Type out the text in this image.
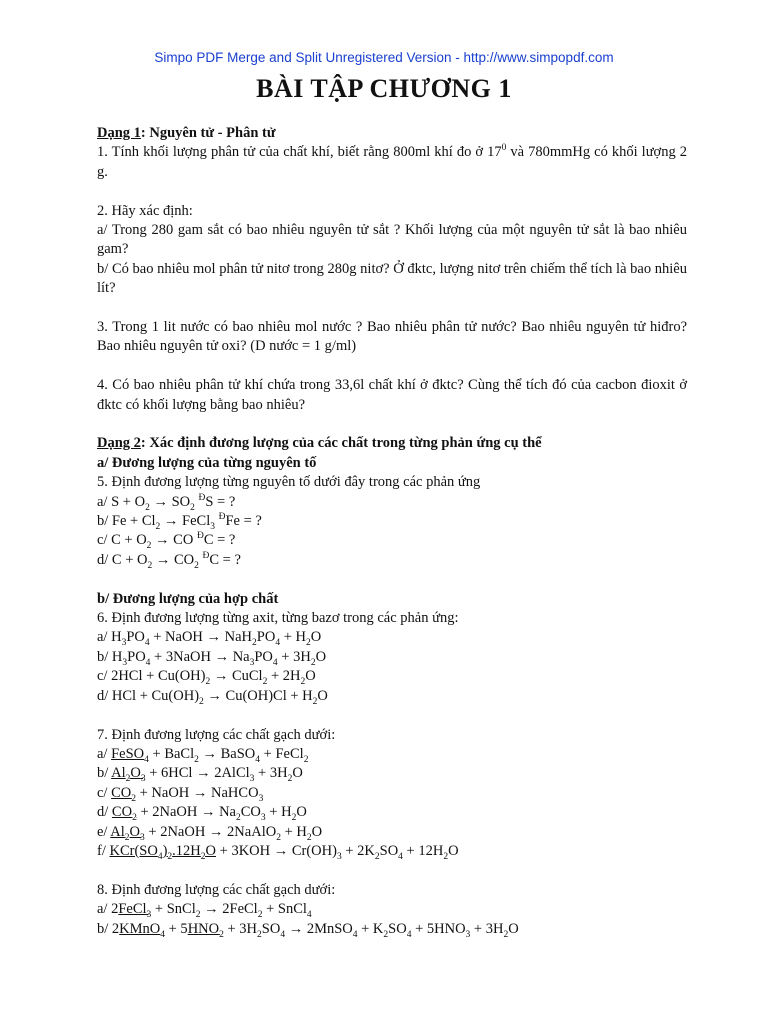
Simpo PDF Merge and Split Unregistered Version - http://www.simpopdf.com
BÀI TẬP CHƯƠNG 1

Dạng 1: Nguyên tử - Phân tử

1. Tính khối lượng phân tử của chất khí, biết rằng 800ml khí đo ở $17^0$ và 780mmHg có khối lượng 2 g.

2. Hãy xác định:

a/ Trong 280 gam sắt có bao nhiêu nguyên tử sắt ? Khối lượng của một nguyên tử sắt là bao nhiêu gam?

b/ Có bao nhiêu mol phân tử nitơ trong 280g nitơ? Ở đktc, lượng nitơ trên chiếm thể tích là bao nhiêu lít?

3. Trong 1 lit nước có bao nhiêu mol nước ? Bao nhiêu phân tử nước? Bao nhiêu nguyên tử hiđro? Bao nhiêu nguyên tử oxi? (D nước = 1 g/ml)

4. Có bao nhiêu phân tử khí chứa trong 33,6l chất khí ở đktc? Cùng thể tích đó của cacbon đioxit ở đktc có khối lượng bằng bao nhiêu?

Dạng 2: Xác định đương lượng của các chất trong từng phản ứng cụ thể

a/ Đương lượng của từng nguyên tố

5. Định đương lượng từng nguyên tố dưới đây trong các phản ứng

a/ $S + O_2 \to SO_2$ $^Đ$S = ?

b/ $Fe + Cl_2$ → FeCl$_3$ $^Đ$Fe = ?

c/ $C + O_2$ → CO $^Đ$C = ?

d/ $C + O_2 \to CO_2$ $^Đ$C = ?

b/ Đương lượng của hợp chất

6. Định đương lượng từng axit, từng bazơ trong các phản ứng:

a/ $H_3PO_4$ + NaOH → $NaH_2PO_4 + H_2O$

b/ $H_3PO_4$ + 3NaOH → $Na_3PO_4 + 3H_2O$

c/ $2HCl + Cu(OH)_2$ → CuCl$_2$ + $2H_2O$

d/ HCl + $Cu(OH)_2 \to Cu(OH)Cl + H_2O$

7. Định đương lượng các chất gạch dưới:

a/ FeSO$_4$ + BaCl$_2$ → BaSO$_4$ + FeCl$_2$

b/ $Al_2O_3 + 6HCl$ → 2AlCl$_3$ + $3H_2O$

c/ $CO_2$ + NaOH → NaHCO$_3$

d/ $CO_2$ + 2NaOH → $Na_2CO_3 + H_2O$

e/ $Al_2O_3$ + 2NaOH → 2NaAlO$_2$ + $H_2O$

f/ $KCr(SO_4)_2.12H_2O + 3KOH \to Cr(OH)_3 + 2K_2SO_4 + 12H_2O$

8. Định đương lượng các chất gạch dưới:

a/ 2FeCl$_3$ + SnCl$_2$ → 2FeCl$_2$ + SnCl$_4$

b/ 2KMnO$_4$ + $5HNO_2 + 3H_2SO_4$ → 2MnSO$_4$ + $K_2SO_4 + 5HNO_3 + 3H_2O$
